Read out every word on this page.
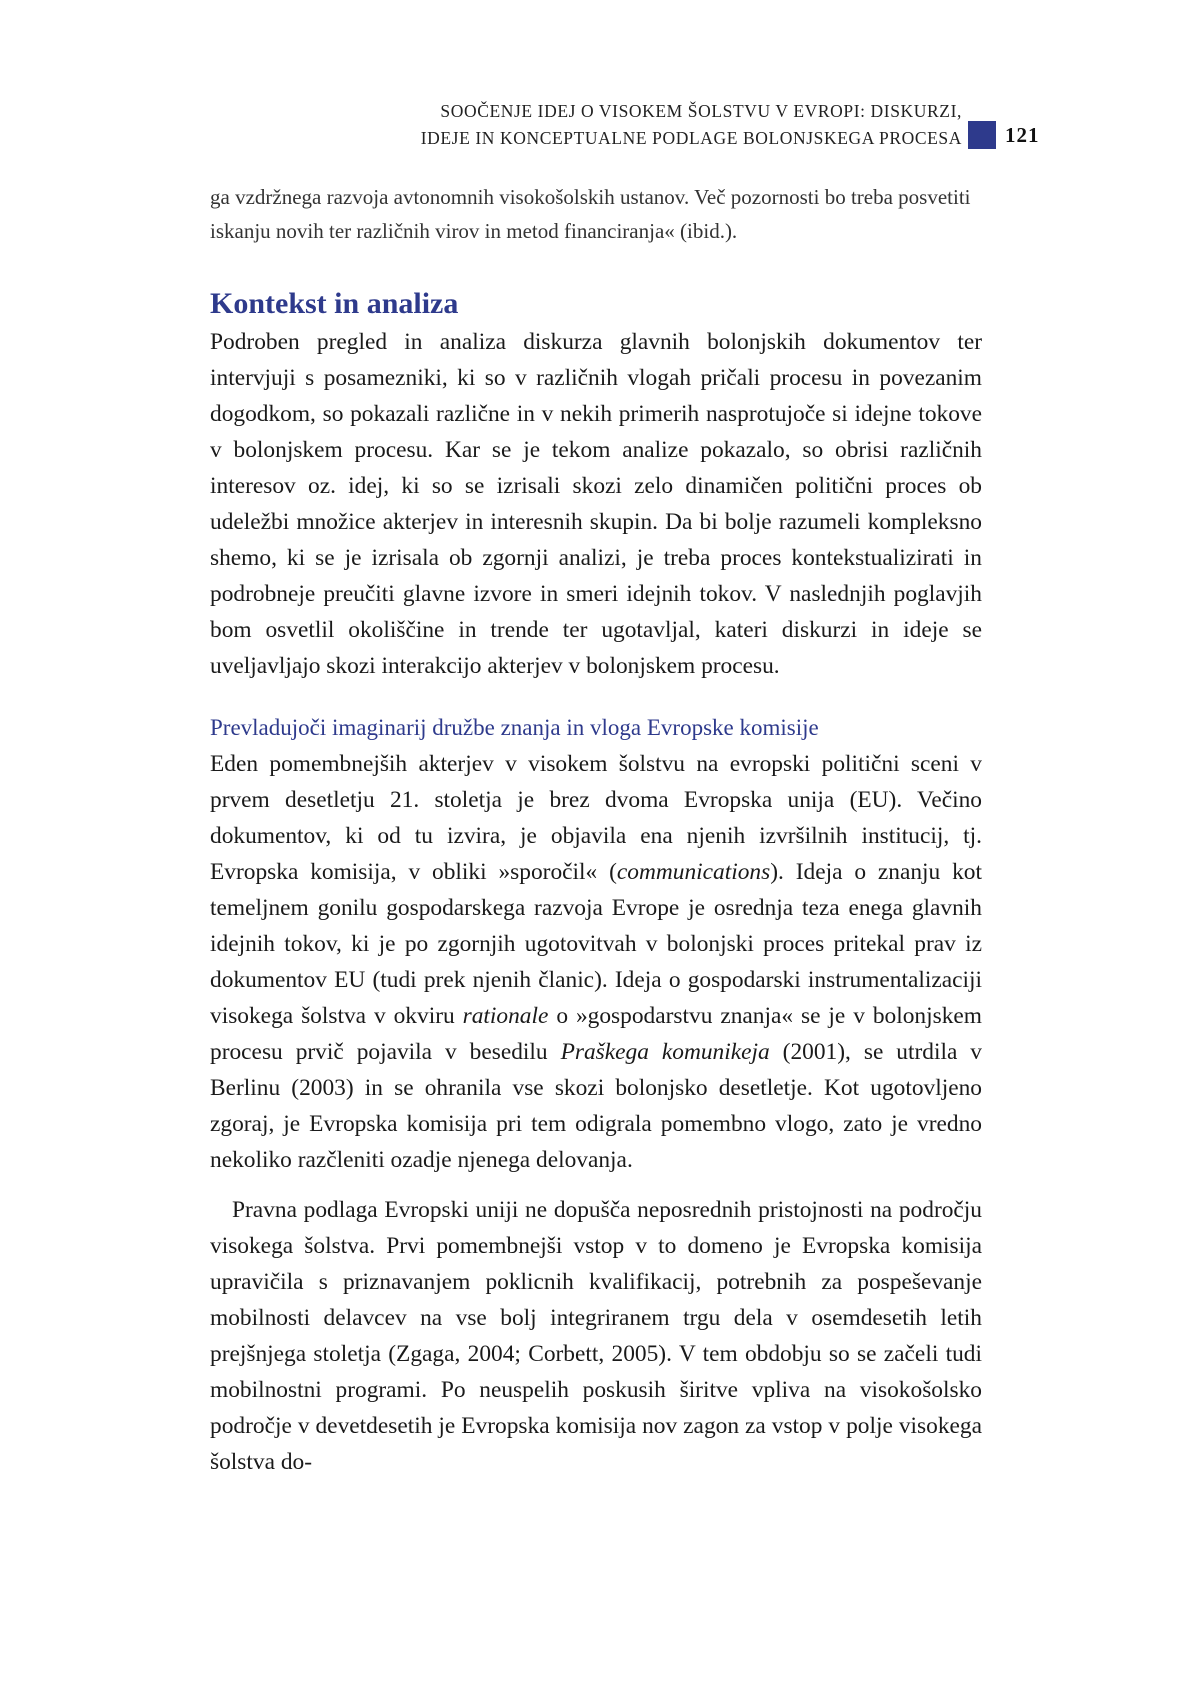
SOOČENJE IDEJ O VISOKEM ŠOLSTVU V EVROPI: DISKURZI,
IDEJE IN KONCEPTUALNE PODLAGE BOLONJSKEGA PROCESA 121

ga vzdržnega razvoja avtonomnih visokošolskih ustanov. Več pozornosti bo treba posvetiti iskanju novih ter različnih virov in metod financiranja« (ibid.).

Kontekst in analiza

Podroben pregled in analiza diskurza glavnih bolonjskih dokumentov ter intervjuji s posamezniki, ki so v različnih vlogah pričali procesu in povezanim dogodkom, so pokazali različne in v nekih primerih nasprotujoče si idejne tokove v bolonjskem procesu. Kar se je tekom analize pokazalo, so obrisi različnih interesov oz. idej, ki so se izrisali skozi zelo dinamičen politični proces ob udeležbi množice akterjev in interesnih skupin. Da bi bolje razumeli kompleksno shemo, ki se je izrisala ob zgornji analizi, je treba proces kontekstualizirati in podrobneje preučiti glavne izvore in smeri idejnih tokov. V naslednjih poglavjih bom osvetlil okoliščine in trende ter ugotavljal, kateri diskurzi in ideje se uveljavljajo skozi interakcijo akterjev v bolonjskem procesu.

Prevladujoči imaginarij družbe znanja in vloga Evropske komisije

Eden pomembnejših akterjev v visokem šolstvu na evropski politični sceni v prvem desetletju 21. stoletja je brez dvoma Evropska unija (EU). Večino dokumentov, ki od tu izvira, je objavila ena njenih izvršilnih institucij, tj. Evropska komisija, v obliki »sporočil« (communications). Ideja o znanju kot temeljnem gonilu gospodarskega razvoja Evrope je osrednja teza enega glavnih idejnih tokov, ki je po zgornjih ugotovitvah v bolonjski proces pritekal prav iz dokumentov EU (tudi prek njenih članic). Ideja o gospodarski instrumentalizaciji visokega šolstva v okviru rationale o »gospodarstvu znanja« se je v bolonjskem procesu prvič pojavila v besedilu Praškega komunikeja (2001), se utrdila v Berlinu (2003) in se ohranila vse skozi bolonjsko desetletje. Kot ugotovljeno zgoraj, je Evropska komisija pri tem odigrala pomembno vlogo, zato je vredno nekoliko razčleniti ozadje njenega delovanja.

Pravna podlaga Evropski uniji ne dopušča neposrednih pristojnosti na področju visokega šolstva. Prvi pomembnejši vstop v to domeno je Evropska komisija upravičila s priznavanjem poklicnih kvalifikacij, potrebnih za pospeševanje mobilnosti delavcev na vse bolj integriranem trgu dela v osemdesetih letih prejšnjega stoletja (Zgaga, 2004; Corbett, 2005). V tem obdobju so se začeli tudi mobilnostni programi. Po neuspelih poskusih širitve vpliva na visokošolsko področje v devetdesetih je Evropska komisija nov zagon za vstop v polje visokega šolstva do-
